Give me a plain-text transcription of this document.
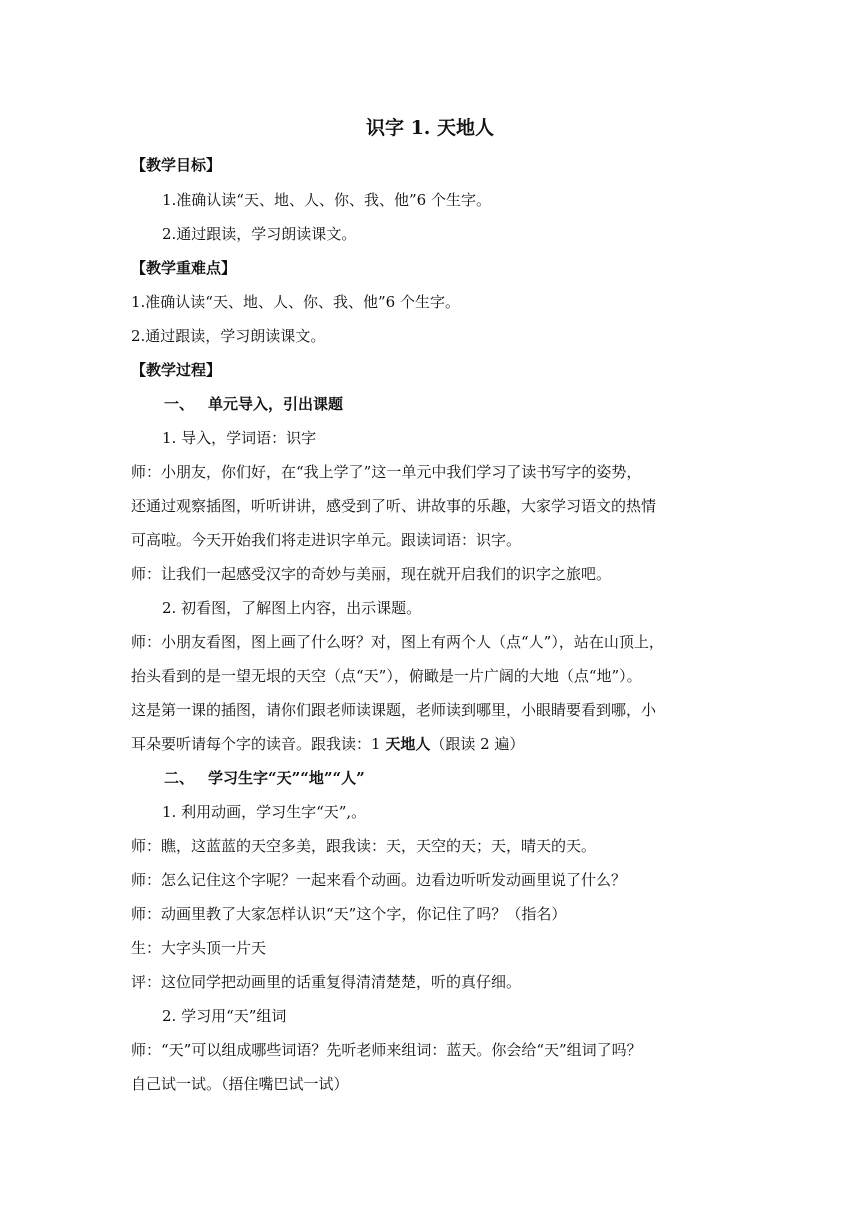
识字 1. 天地人
【教学目标】
1.准确认读“天、地、人、你、我、他”6 个生字。
2.通过跟读，学习朗读课文。
【教学重难点】
1.准确认读“天、地、人、你、我、他”6 个生字。
2.通过跟读，学习朗读课文。
【教学过程】
一、 单元导入，引出课题
1. 导入，学词语：识字
师：小朋友，你们好，在“我上学了”这一单元中我们学习了读书写字的姿势，
还通过观察插图，听听讲讲，感受到了听、讲故事的乐趣，大家学习语文的热情
可高啦。今天开始我们将走进识字单元。跟读词语：识字。
师：让我们一起感受汉字的奇妙与美丽，现在就开启我们的识字之旅吧。
2. 初看图，了解图上内容，出示课题。
师：小朋友看图，图上画了什么呀？对，图上有两个人（点“人”），站在山顶上，
抬头看到的是一望无垠的天空（点“天”），俯瞰是一片广阔的大地（点“地”）。
这是第一课的插图，请你们跟老师读课题，老师读到哪里，小眼睛要看到哪，小
耳朵要听请每个字的读音。跟我读：1 天地人（跟读 2 遍）
二、 学习生字“天”“地”“人”
1. 利用动画，学习生字“天”,。
师：瞧，这蓝蓝的天空多美，跟我读：天，天空的天；天，晴天的天。
师：怎么记住这个字呢？一起来看个动画。边看边听听发动画里说了什么？
师：动画里教了大家怎样认识“天”这个字，你记住了吗？（指名）
生：大字头顶一片天
评：这位同学把动画里的话重复得清清楚楚，听的真仔细。
2. 学习用“天”组词
师：“天”可以组成哪些词语？先听老师来组词：蓝天。你会给“天”组词了吗？
自己试一试。（捂住嘴巴试一试）
